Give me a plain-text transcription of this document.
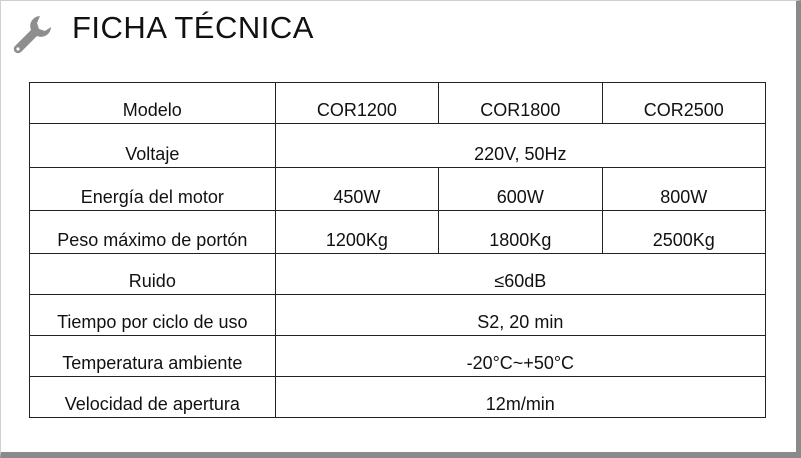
FICHA TÉCNICA
Modelo	COR1200	COR1800	COR2500
Voltaje	220V, 50Hz		
Energía del motor	450W	600W	800W
Peso máximo de portón	1200Kg	1800Kg	2500Kg
Ruido	≤60dB		
Tiempo por ciclo de uso	S2, 20 min		
Temperatura ambiente	-20°C~+50°C		
Velocidad de apertura	12m/min		
